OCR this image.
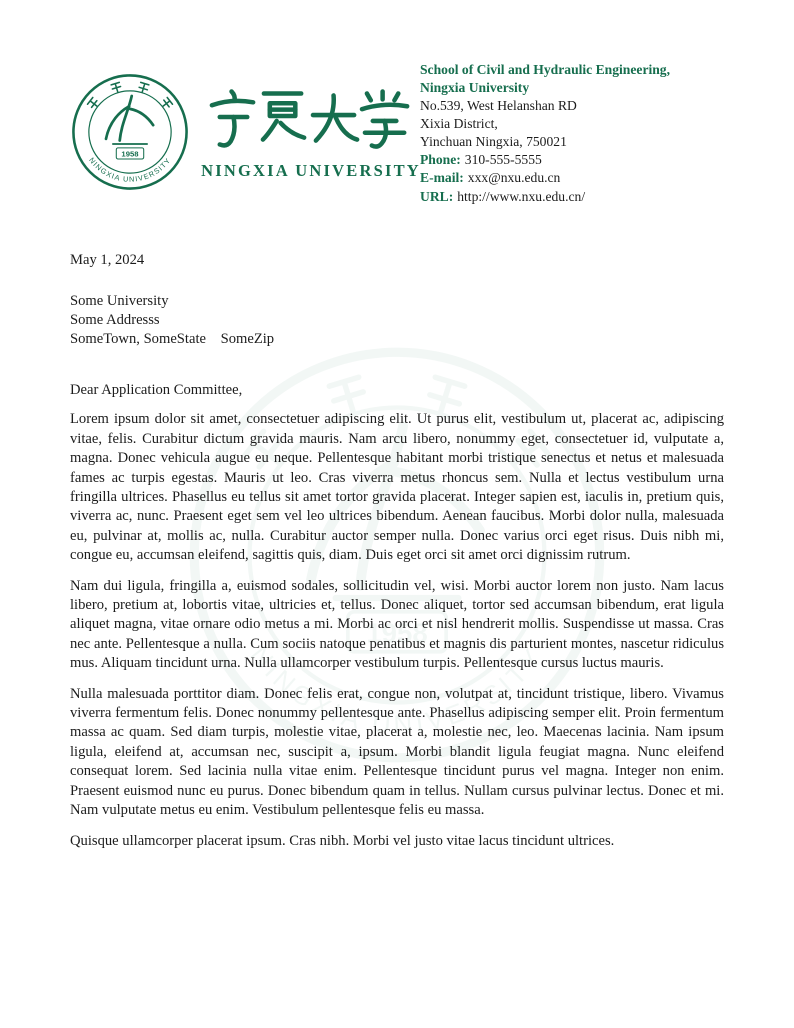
NINGXIA UNIVERSITY
School of Civil and Hydraulic Engineering,
Ningxia University
No.539, West Helanshan RD
Xixia District,
Yinchuan Ningxia, 750021
Phone: 310-555-5555
E-mail: xxx@nxu.edu.cn
URL: http://www.nxu.edu.cn/
May 1, 2024
Some University
Some Addresss
SomeTown, SomeState    SomeZip
Dear Application Committee,

Lorem ipsum dolor sit amet, consectetuer adipiscing elit. Ut purus elit, vestibulum ut, placerat ac, adipiscing vitae, felis. Curabitur dictum gravida mauris. Nam arcu libero, nonummy eget, consectetuer id, vulputate a, magna. Donec vehicula augue eu neque. Pellentesque habitant morbi tristique senectus et netus et malesuada fames ac turpis egestas. Mauris ut leo. Cras viverra metus rhoncus sem. Nulla et lectus vestibulum urna fringilla ultrices. Phasellus eu tellus sit amet tortor gravida placerat. Integer sapien est, iaculis in, pretium quis, viverra ac, nunc. Praesent eget sem vel leo ultrices bibendum. Aenean faucibus. Morbi dolor nulla, malesuada eu, pulvinar at, mollis ac, nulla. Curabitur auctor semper nulla. Donec varius orci eget risus. Duis nibh mi, congue eu, accumsan eleifend, sagittis quis, diam. Duis eget orci sit amet orci dignissim rutrum.

Nam dui ligula, fringilla a, euismod sodales, sollicitudin vel, wisi. Morbi auctor lorem non justo. Nam lacus libero, pretium at, lobortis vitae, ultricies et, tellus. Donec aliquet, tortor sed accumsan bibendum, erat ligula aliquet magna, vitae ornare odio metus a mi. Morbi ac orci et nisl hendrerit mollis. Suspendisse ut massa. Cras nec ante. Pellentesque a nulla. Cum sociis natoque penatibus et magnis dis parturient montes, nascetur ridiculus mus. Aliquam tincidunt urna. Nulla ullamcorper vestibulum turpis. Pellentesque cursus luctus mauris.

Nulla malesuada porttitor diam. Donec felis erat, congue non, volutpat at, tincidunt tristique, libero. Vivamus viverra fermentum felis. Donec nonummy pellentesque ante. Phasellus adipiscing semper elit. Proin fermentum massa ac quam. Sed diam turpis, molestie vitae, placerat a, molestie nec, leo. Maecenas lacinia. Nam ipsum ligula, eleifend at, accumsan nec, suscipit a, ipsum. Morbi blandit ligula feugiat magna. Nunc eleifend consequat lorem. Sed lacinia nulla vitae enim. Pellentesque tincidunt purus vel magna. Integer non enim. Praesent euismod nunc eu purus. Donec bibendum quam in tellus. Nullam cursus pulvinar lectus. Donec et mi. Nam vulputate metus eu enim. Vestibulum pellentesque felis eu massa.

Quisque ullamcorper placerat ipsum. Cras nibh. Morbi vel justo vitae lacus tincidunt ultrices.
